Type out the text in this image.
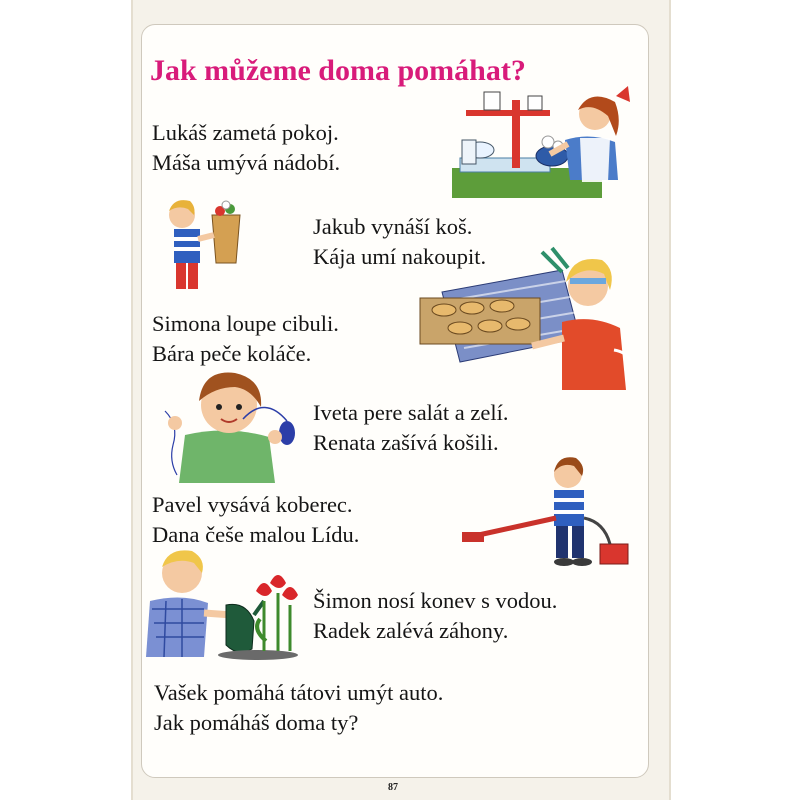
Jak můžeme doma pomáhat?

Lukáš zametá pokoj.

Máša umývá nádobí.

Jakub vynáší koš.

Kája umí nakoupit.

Simona loupe cibuli.

Bára peče koláče.

Iveta pere salát a zelí.

Renata zašívá košili.

Pavel vysává koberec.

Dana češe malou Lídu.

Šimon nosí konev s vodou.

Radek zalévá záhony.

Vašek pomáhá tátovi umýt auto.

Jak pomáháš doma ty?

87
